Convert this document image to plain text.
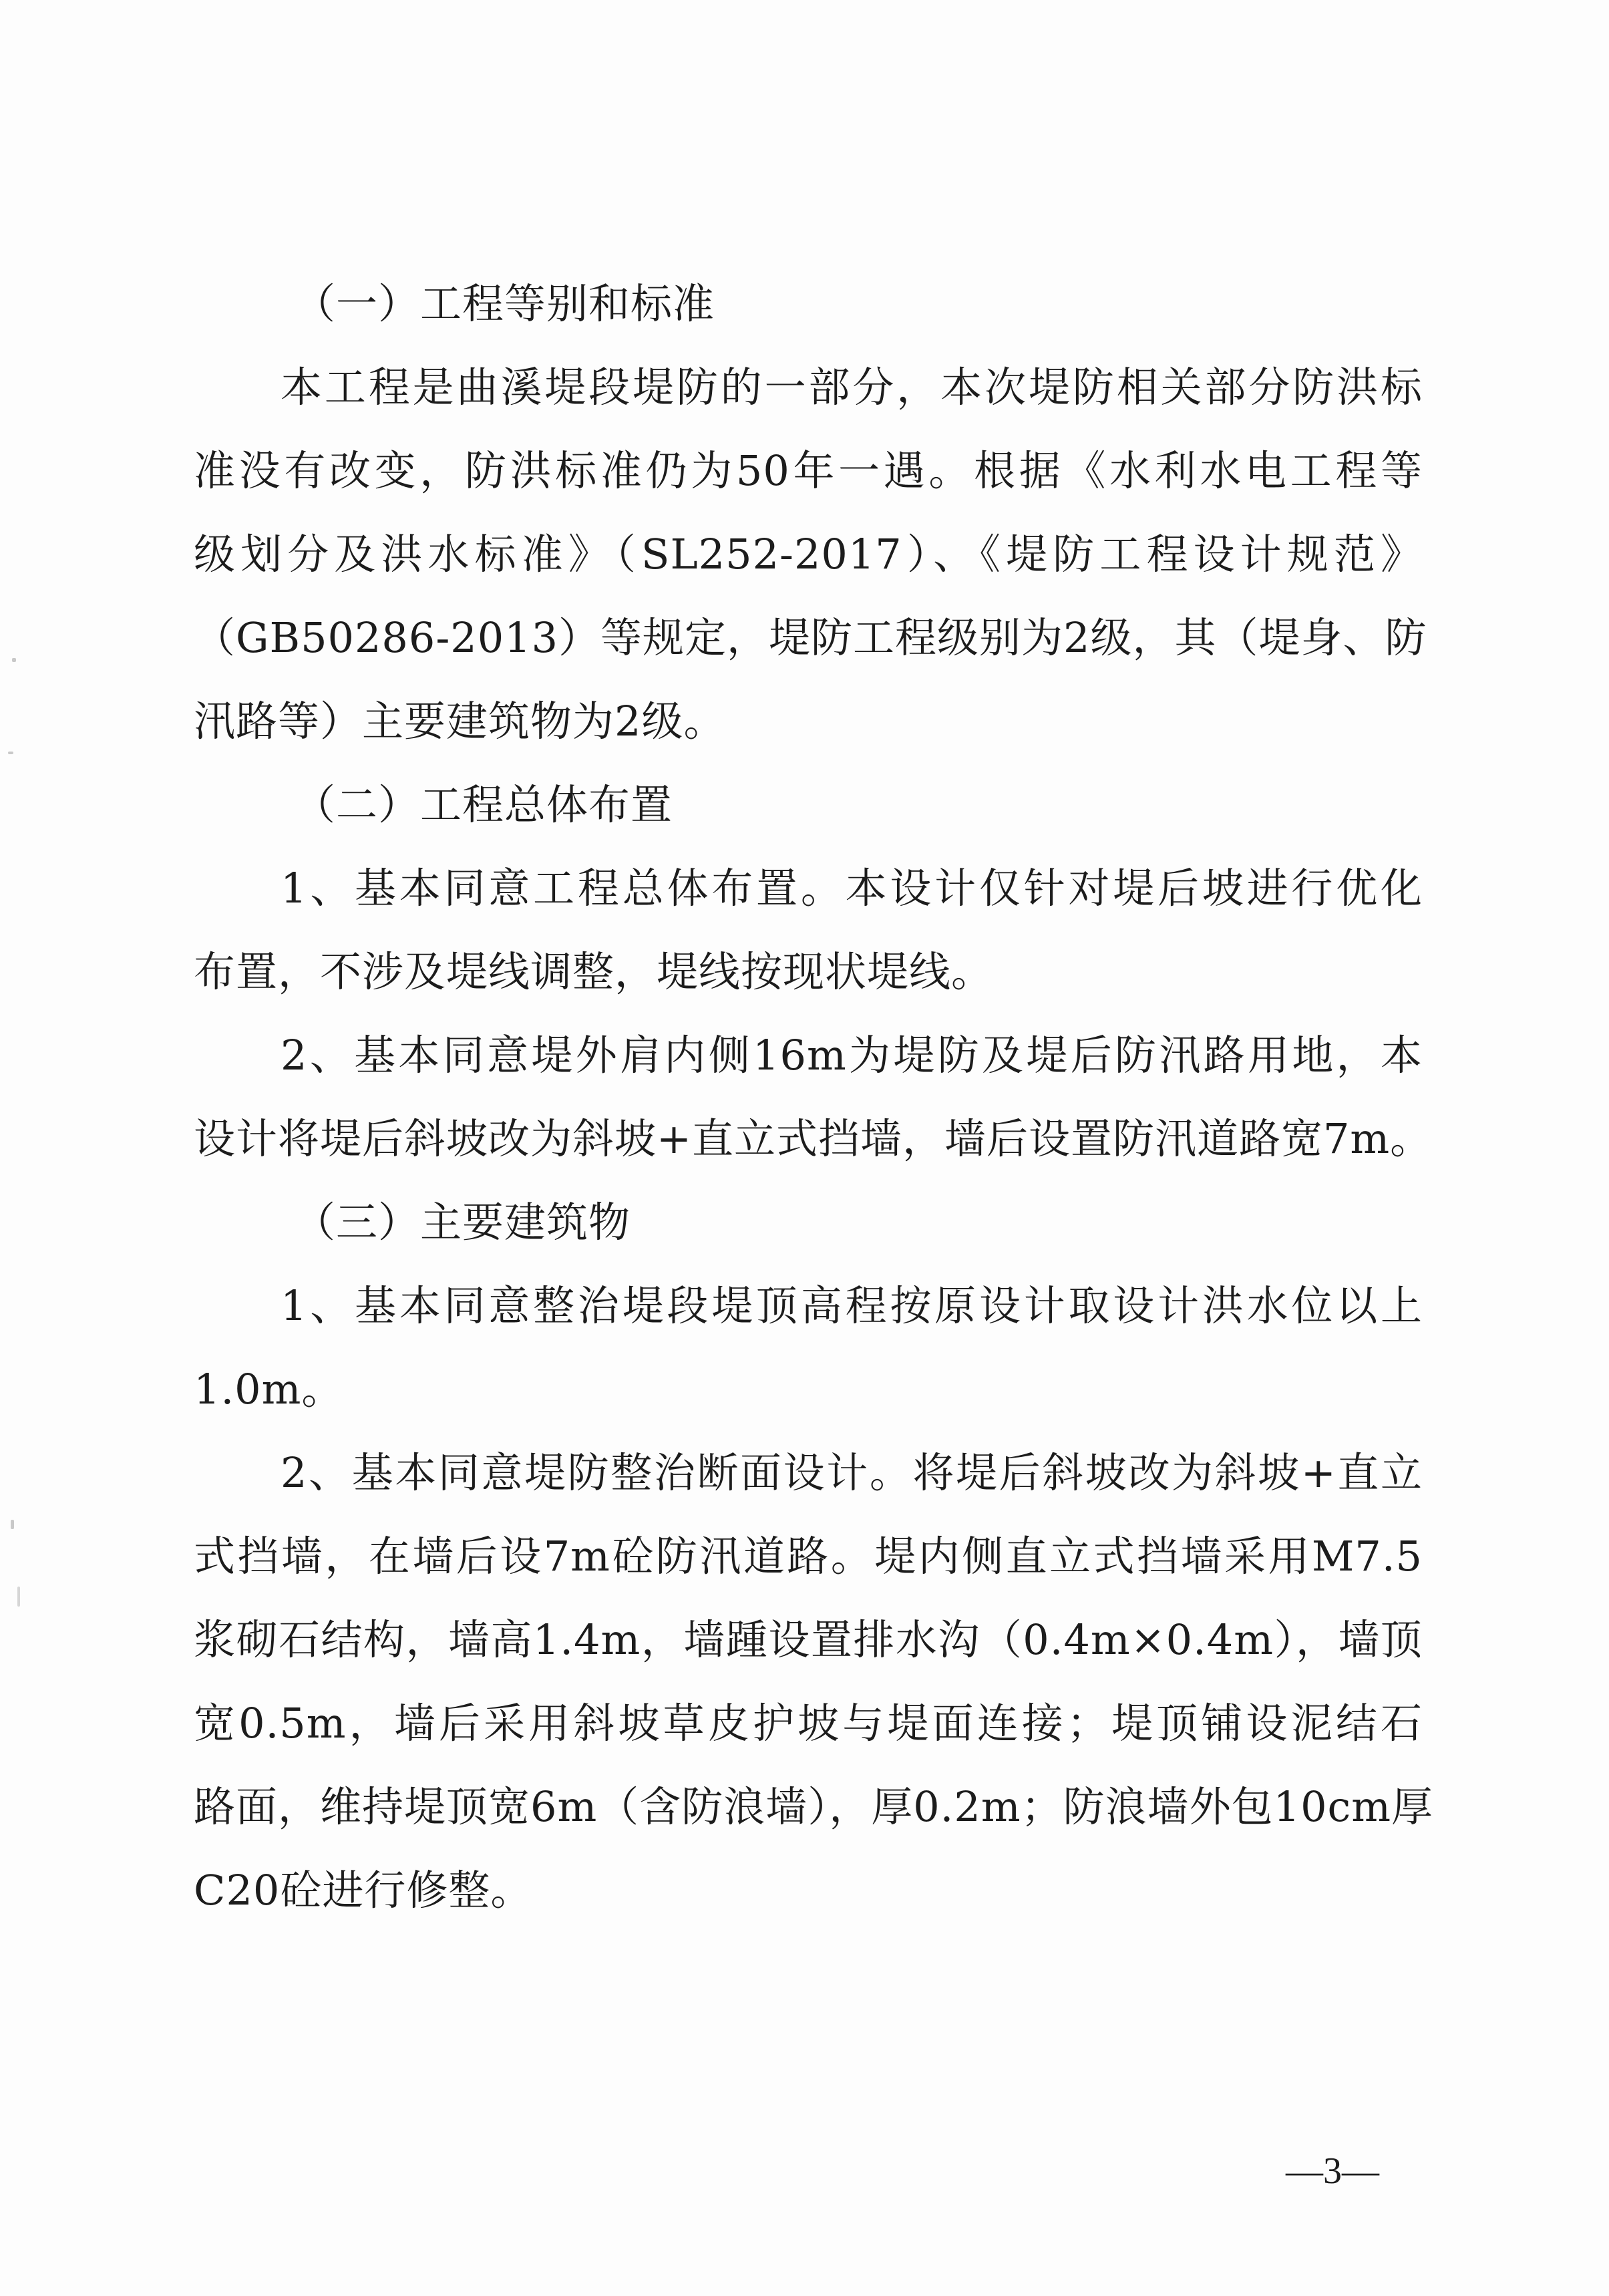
（一）工程等别和标准
本工程是曲溪堤段堤防的一部分，本次堤防相关部分防洪标
准没有改变，防洪标准仍为50年一遇。根据《水利水电工程等
级划分及洪水标准》（SL252-2017）、《堤防工程设计规范》
（GB50286-2013）等规定，堤防工程级别为2级，其（堤身、防
汛路等）主要建筑物为2级。
（二）工程总体布置
1、基本同意工程总体布置。本设计仅针对堤后坡进行优化
布置，不涉及堤线调整，堤线按现状堤线。
2、基本同意堤外肩内侧16m为堤防及堤后防汛路用地，本
设计将堤后斜坡改为斜坡+直立式挡墙，墙后设置防汛道路宽7m。
（三）主要建筑物
1、基本同意整治堤段堤顶高程按原设计取设计洪水位以上
1.0m。
2、基本同意堤防整治断面设计。将堤后斜坡改为斜坡+直立
式挡墙，在墙后设7m砼防汛道路。堤内侧直立式挡墙采用M7.5
浆砌石结构，墙高1.4m，墙踵设置排水沟（0.4m×0.4m），墙顶
宽0.5m，墙后采用斜坡草皮护坡与堤面连接；堤顶铺设泥结石
路面，维持堤顶宽6m（含防浪墙），厚0.2m；防浪墙外包10cm厚
C20砼进行修整。
—3—
